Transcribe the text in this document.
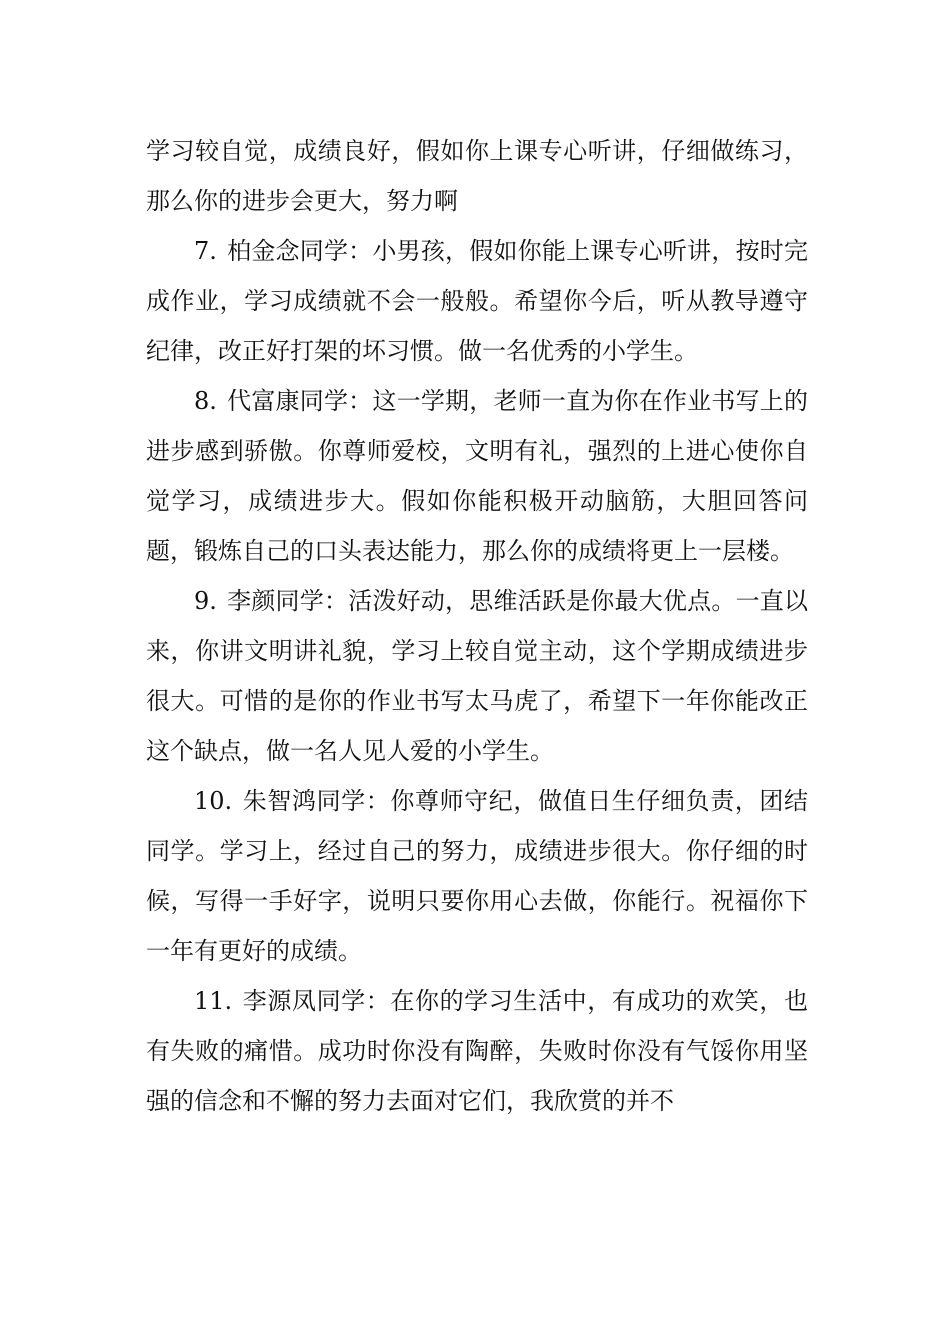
学习较自觉，成绩良好，假如你上课专心听讲，仔细做练习，那么你的进步会更大，努力啊

7. 柏金念同学：小男孩，假如你能上课专心听讲，按时完成作业，学习成绩就不会一般般。希望你今后，听从教导遵守纪律，改正好打架的坏习惯。做一名优秀的小学生。

8. 代富康同学：这一学期，老师一直为你在作业书写上的进步感到骄傲。你尊师爱校，文明有礼，强烈的上进心使你自觉学习，成绩进步大。假如你能积极开动脑筋，大胆回答问题，锻炼自己的口头表达能力，那么你的成绩将更上一层楼。

9. 李颜同学：活泼好动，思维活跃是你最大优点。一直以来，你讲文明讲礼貌，学习上较自觉主动，这个学期成绩进步很大。可惜的是你的作业书写太马虎了，希望下一年你能改正这个缺点，做一名人见人爱的小学生。

10. 朱智鸿同学：你尊师守纪，做值日生仔细负责，团结同学。学习上，经过自己的努力，成绩进步很大。你仔细的时候，写得一手好字，说明只要你用心去做，你能行。祝福你下一年有更好的成绩。

11. 李源凤同学：在你的学习生活中，有成功的欢笑，也有失败的痛惜。成功时你没有陶醉，失败时你没有气馁你用坚强的信念和不懈的努力去面对它们，我欣赏的并不
